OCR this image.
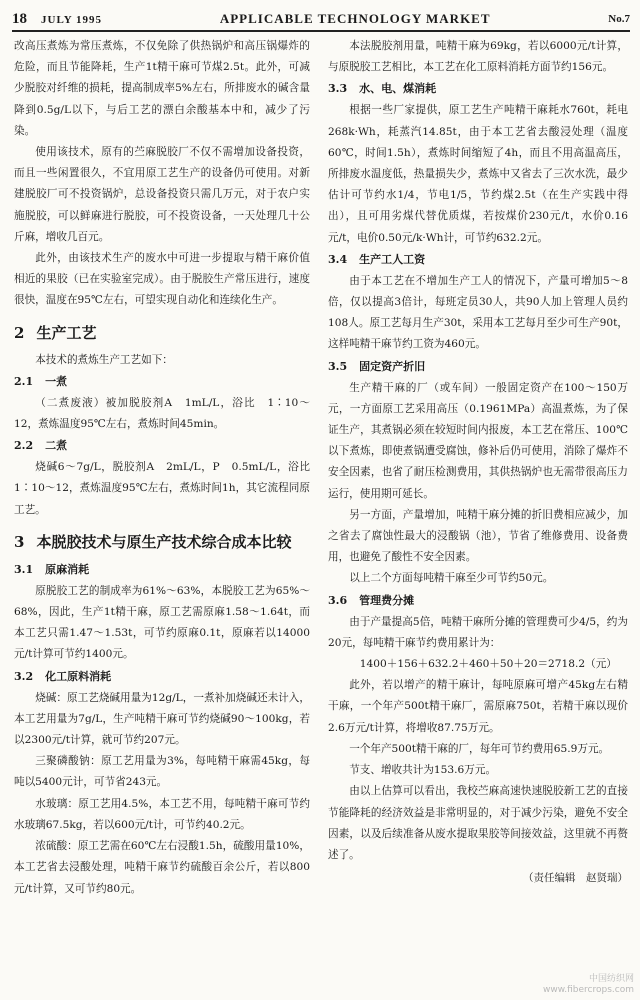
18 JULY 1995	APPLICABLE TECHNOLOGY MARKET	No.7

改高压煮炼为常压煮炼，不仅免除了供热锅炉和高压锅爆炸的危险，而且节能降耗，生产1t精干麻可节煤2.5t。此外，可减少脱胶对纤维的损耗，提高制成率5%左右，所排废水的碱含量降到0.5g/L以下，与后工艺的漂白余酸基本中和，减少了污染。

使用该技术，原有的苎麻脱胶厂不仅不需增加设备投资，而且一些闲置很久，不宜用原工艺生产的设备仍可使用。对新建脱胶厂可不投资锅炉，总设备投资只需几万元，对于农户实施脱胶，可以鲜麻进行脱胶，可不投资设备，一天处理几十公斤麻，增收几百元。

此外，由该技术生产的废水中可进一步提取与精干麻价值相近的果胶（已在实验室完成）。由于脱胶生产常压进行，速度很快，温度在95℃左右，可望实现自动化和连续化生产。

2 生产工艺

本技术的煮炼生产工艺如下：

2.1 一煮

（二煮废液）被加脱胶剂A　1mL/L，浴比　1∶10～12，煮炼温度95℃左右，煮炼时间45min。

2.2 二煮

烧碱6～7g/L，脱胶剂A　2mL/L，P　0.5mL/L，浴比1∶10～12，煮炼温度95℃左右，煮炼时间1h，其它流程同原工艺。

3 本脱胶技术与原生产技术综合成本比较
3.1 原麻消耗

原脱胶工艺的制成率为61%～63%，本脱胶工艺为65%～68%，因此，生产1t精干麻，原工艺需原麻1.58～1.64t，而本工艺只需1.47～1.53t，可节约原麻0.1t，原麻若以14000元/t计算可节约1400元。

3.2 化工原料消耗

烧碱：原工艺烧碱用量为12g/L，一煮补加烧碱还未计入，本工艺用量为7g/L，生产吨精干麻可节约烧碱90～100kg，若以2300元/t计算，就可节约207元。

三聚磷酸钠：原工艺用量为3%，每吨精干麻需45kg，每吨以5400元计，可节省243元。

水玻璃：原工艺用4.5%，本工艺不用，每吨精干麻可节约水玻璃67.5kg，若以600元/t计，可节约40.2元。

浓硫酸：原工艺需在60℃左右浸酸1.5h，硫酸用量10%，本工艺省去浸酸处理，吨精干麻节约硫酸百余公斤，若以800元/t计算，又可节约80元。

本法脱胶剂用量，吨精干麻为69kg，若以6000元/t计算，与原脱胶工艺相比，本工艺在化工原料消耗方面节约156元。

3.3 水、电、煤消耗

根据一些厂家提供，原工艺生产吨精干麻耗水760t，耗电268k·Wh，耗蒸汽14.85t，由于本工艺省去酸浸处理（温度60℃，时间1.5h），煮炼时间缩短了4h，而且不用高温高压，所排废水温度低，热量损失少，煮炼中又省去了三次水洗，最少估计可节约水1/4，节电1/5，节约煤2.5t（在生产实践中得出），且可用劣煤代替优质煤，若按煤价230元/t，水价0.16元/t，电价0.50元/k·Wh计，可节约632.2元。

3.4 生产工人工资

由于本工艺在不增加生产工人的情况下，产量可增加5～8倍，仅以提高3倍计，每班定员30人，共90人加上管理人员约108人。原工艺每月生产30t，采用本工艺每月至少可生产90t，这样吨精干麻节约工资为460元。

3.5 固定资产折旧

生产精干麻的厂（或车间）一般固定资产在100～150万元，一方面原工艺采用高压（0.1961MPa）高温煮炼，为了保证生产，其煮锅必须在较短时间内报废，本工艺在常压、100℃以下煮炼，即使煮锅遭受腐蚀，修补后仍可使用，消除了爆炸不安全因素，也省了耐压检测费用，其供热锅炉也无需带很高压力运行，使用期可延长。

另一方面，产量增加，吨精干麻分摊的折旧费相应减少，加之省去了腐蚀性最大的浸酸锅（池），节省了维修费用、设备费用，也避免了酸性不安全因素。

以上二个方面每吨精干麻至少可节约50元。

3.6 管理费分摊

由于产量提高5倍，吨精干麻所分摊的管理费可少4/5，约为20元，每吨精干麻节约费用累计为：

1400＋156＋632.2＋460＋50＋20＝2718.2（元）

此外，若以增产的精干麻计，每吨原麻可增产45kg左右精干麻，一个年产500t精干麻厂，需原麻750t，若精干麻以现价2.6万元/t计算，将增收87.75万元。

一个年产500t精干麻的厂，每年可节约费用65.9万元。

节支、增收共计为153.6万元。

由以上估算可以看出，我校苎麻高速快速脱胶新工艺的直接节能降耗的经济效益是非常明显的，对于减少污染，避免不安全因素，以及后续准备从废水提取果胶等间接效益，这里就不再赘述了。

（责任编辑　赵贤瑞）
中国纺织网
www.fibercrops.com
